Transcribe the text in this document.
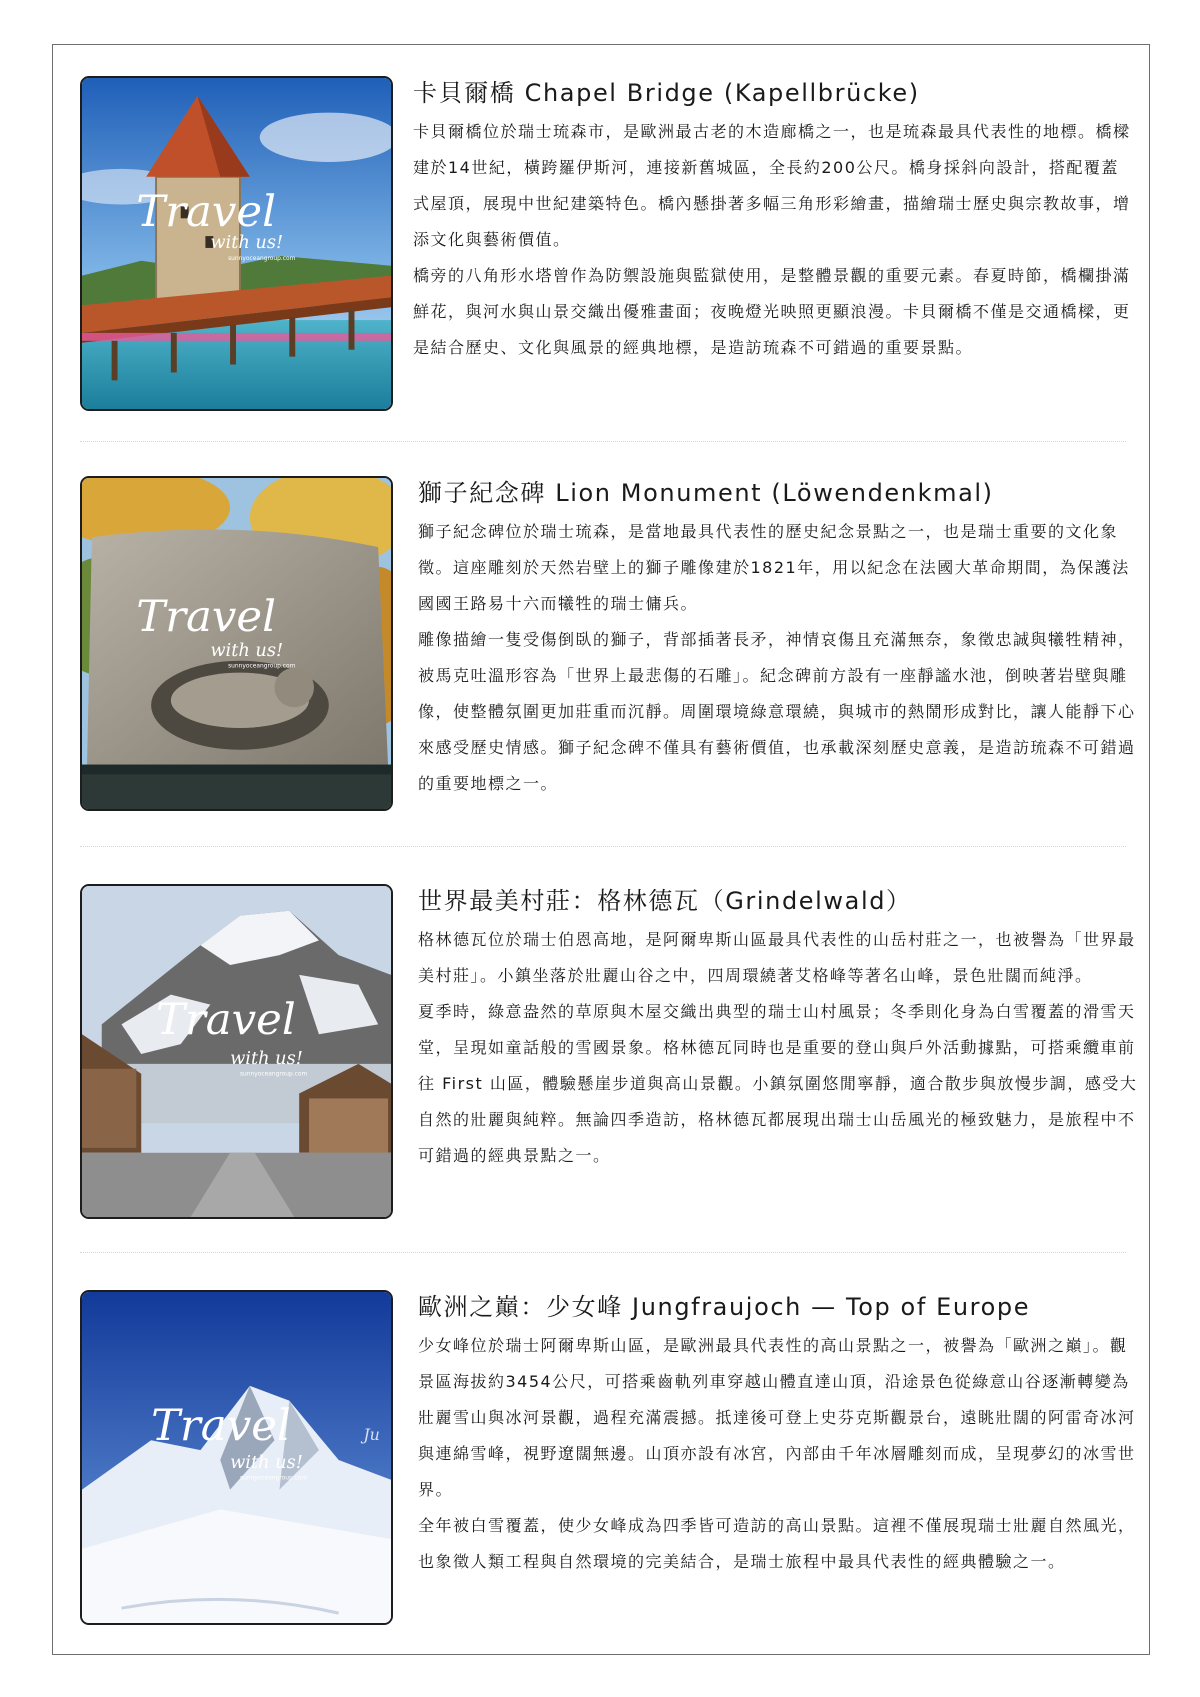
Travel
with us!
sunnyoceangroup.com
卡貝爾橋 Chapel Bridge (Kapellbrücke)

卡貝爾橋位於瑞士琉森市，是歐洲最古老的木造廊橋之一，也是琉森最具代表性的地標。橋樑建於14世紀，橫跨羅伊斯河，連接新舊城區，全長約200公尺。橋身採斜向設計，搭配覆蓋式屋頂，展現中世紀建築特色。橋內懸掛著多幅三角形彩繪畫，描繪瑞士歷史與宗教故事，增添文化與藝術價值。

橋旁的八角形水塔曾作為防禦設施與監獄使用，是整體景觀的重要元素。春夏時節，橋欄掛滿鮮花，與河水與山景交織出優雅畫面；夜晚燈光映照更顯浪漫。卡貝爾橋不僅是交通橋樑，更是結合歷史、文化與風景的經典地標，是造訪琉森不可錯過的重要景點。

Travel
with us!
sunnyoceangroup.com
獅子紀念碑 Lion Monument (Löwendenkmal)

獅子紀念碑位於瑞士琉森，是當地最具代表性的歷史紀念景點之一，也是瑞士重要的文化象徵。這座雕刻於天然岩壁上的獅子雕像建於1821年，用以紀念在法國大革命期間，為保護法國國王路易十六而犧牲的瑞士傭兵。

雕像描繪一隻受傷倒臥的獅子，背部插著長矛，神情哀傷且充滿無奈，象徵忠誠與犧牲精神，被馬克吐溫形容為「世界上最悲傷的石雕」。紀念碑前方設有一座靜謐水池，倒映著岩壁與雕像，使整體氛圍更加莊重而沉靜。周圍環境綠意環繞，與城市的熱鬧形成對比，讓人能靜下心來感受歷史情感。獅子紀念碑不僅具有藝術價值，也承載深刻歷史意義，是造訪琉森不可錯過的重要地標之一。

Travel
with us!
sunnyoceangroup.com
世界最美村莊：格林德瓦（Grindelwald）

格林德瓦位於瑞士伯恩高地，是阿爾卑斯山區最具代表性的山岳村莊之一，也被譽為「世界最美村莊」。小鎮坐落於壯麗山谷之中，四周環繞著艾格峰等著名山峰，景色壯闊而純淨。

夏季時，綠意盎然的草原與木屋交織出典型的瑞士山村風景；冬季則化身為白雪覆蓋的滑雪天堂，呈現如童話般的雪國景象。格林德瓦同時也是重要的登山與戶外活動據點，可搭乘纜車前往 First 山區，體驗懸崖步道與高山景觀。小鎮氛圍悠閒寧靜，適合散步與放慢步調，感受大自然的壯麗與純粹。無論四季造訪，格林德瓦都展現出瑞士山岳風光的極致魅力，是旅程中不可錯過的經典景點之一。

Ju
Travel
with us!
sunnyoceangroup.com
歐洲之巔：少女峰 Jungfraujoch — Top of Europe

少女峰位於瑞士阿爾卑斯山區，是歐洲最具代表性的高山景點之一，被譽為「歐洲之巔」。觀景區海拔約3454公尺，可搭乘齒軌列車穿越山體直達山頂，沿途景色從綠意山谷逐漸轉變為壯麗雪山與冰河景觀，過程充滿震撼。抵達後可登上史芬克斯觀景台，遠眺壯闊的阿雷奇冰河與連綿雪峰，視野遼闊無邊。山頂亦設有冰宮，內部由千年冰層雕刻而成，呈現夢幻的冰雪世界。

全年被白雪覆蓋，使少女峰成為四季皆可造訪的高山景點。這裡不僅展現瑞士壯麗自然風光，也象徵人類工程與自然環境的完美結合，是瑞士旅程中最具代表性的經典體驗之一。
